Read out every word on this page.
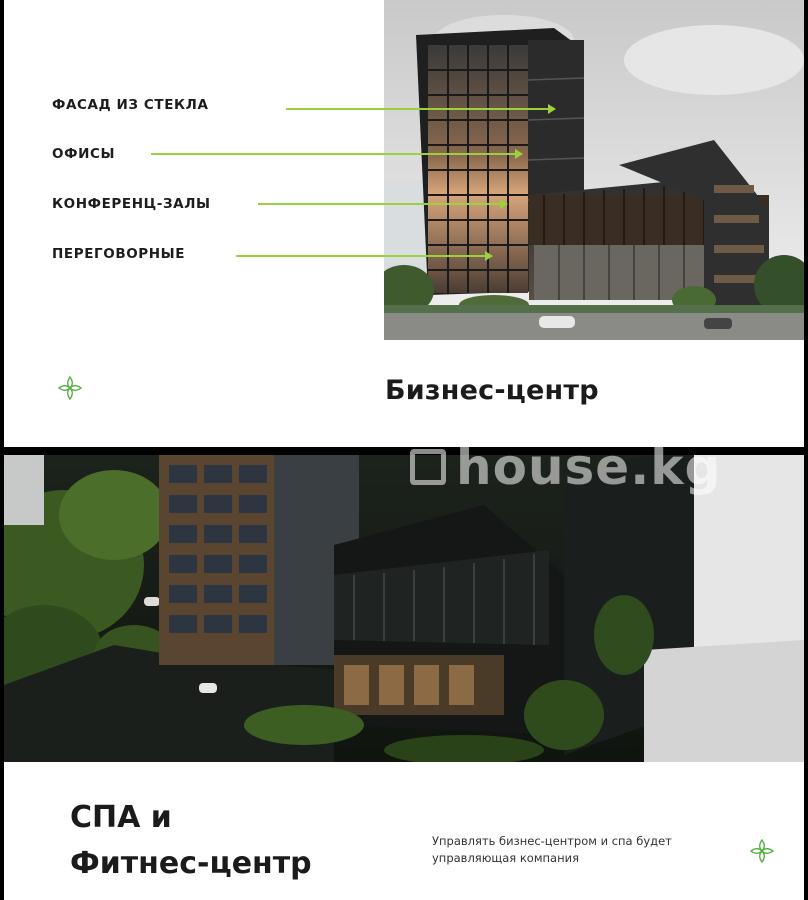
ФАСАД ИЗ СТЕКЛА
ОФИСЫ
КОНФЕРЕНЦ-ЗАЛЫ
ПЕРЕГОВОРНЫЕ
Бизнес-центр
СПА и
Фитнес-центр
Управлять бизнес-центром и спа будет
управляющая компания
house.kg
